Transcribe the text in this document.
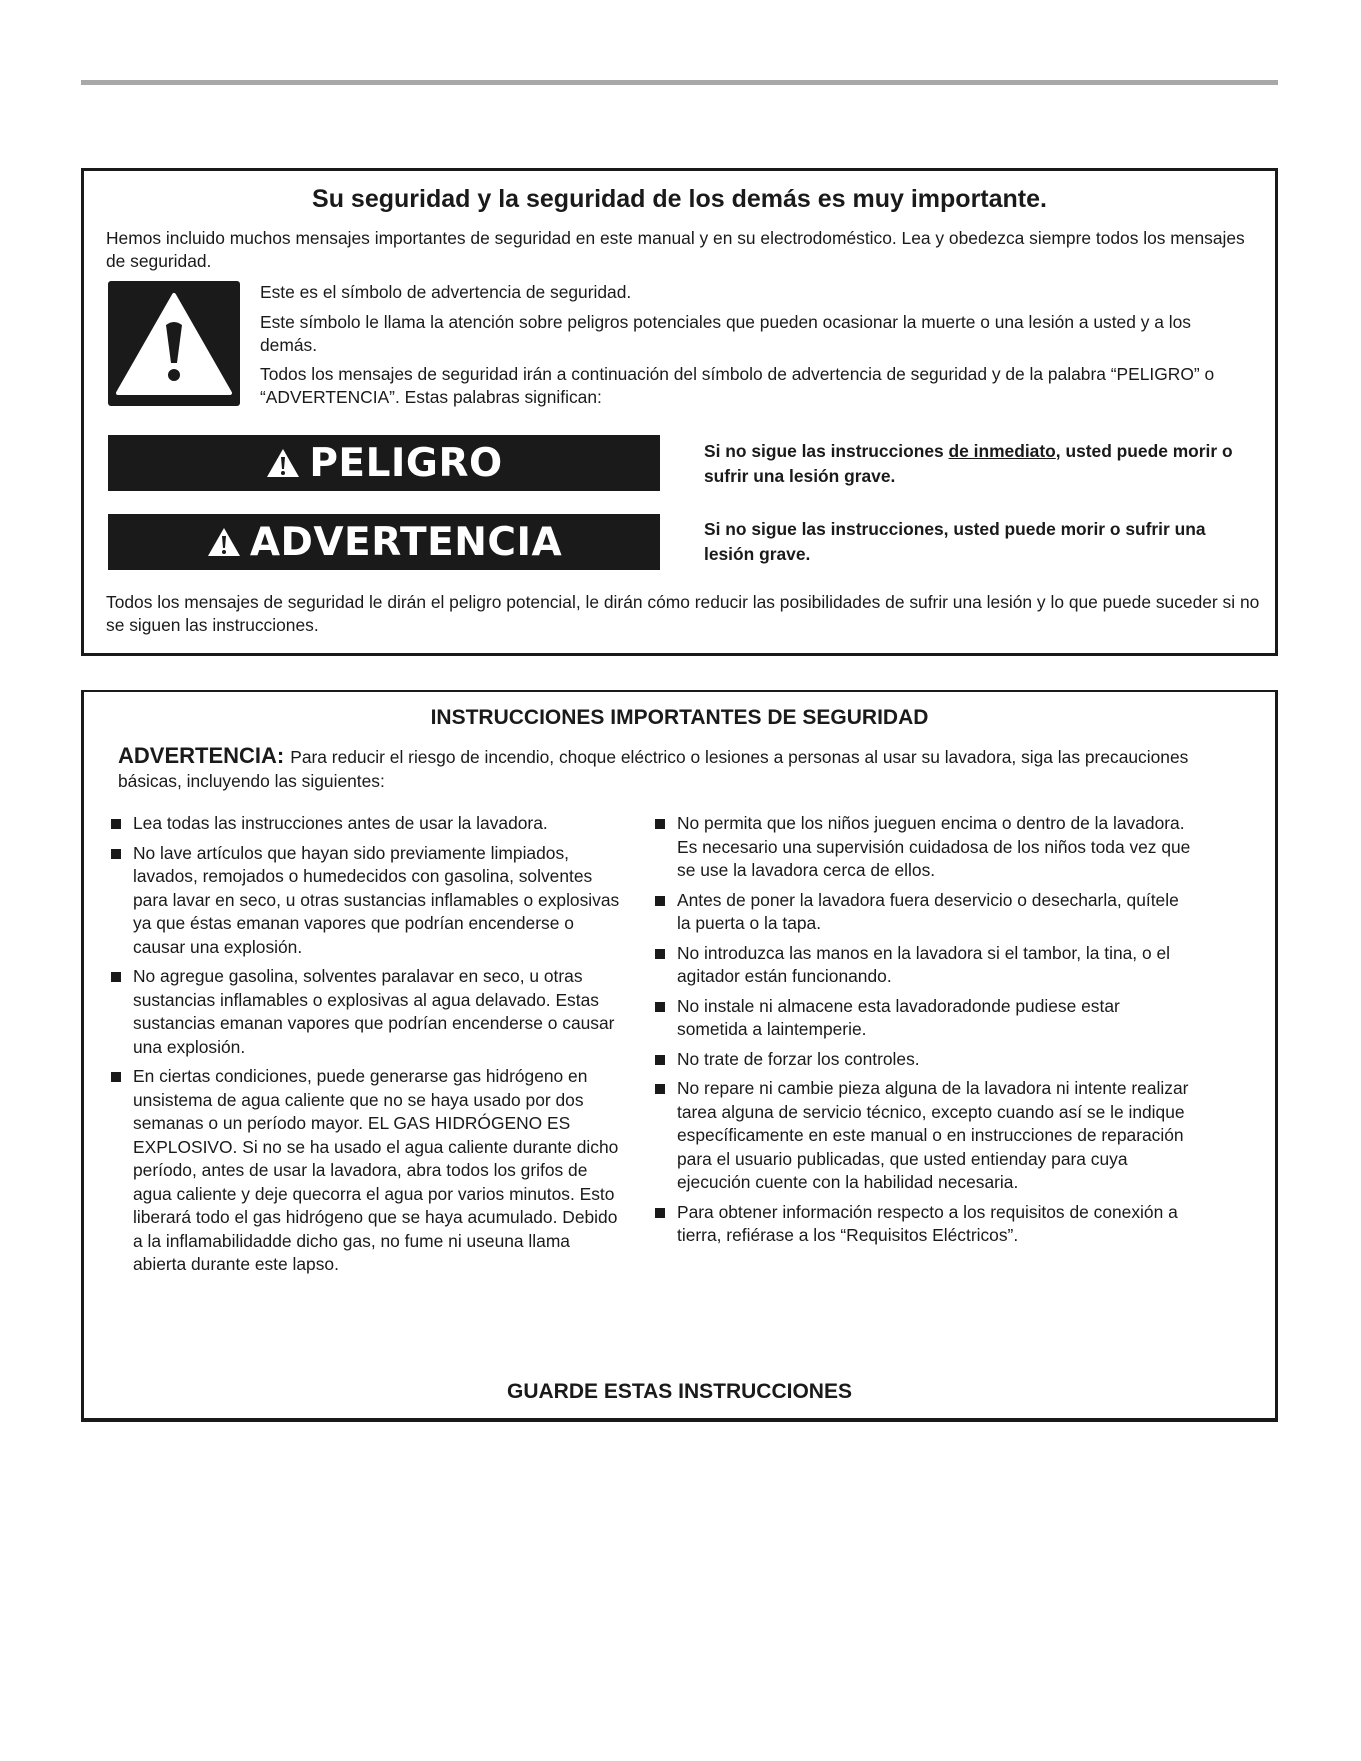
Su seguridad y la seguridad de los demás es muy importante.
Hemos incluido muchos mensajes importantes de seguridad en este manual y en su electrodoméstico. Lea y obedezca siempre todos los mensajes de seguridad.
Este es el símbolo de advertencia de seguridad.
Este símbolo le llama la atención sobre peligros potenciales que pueden ocasionar la muerte o una lesión a usted y a los demás.
Todos los mensajes de seguridad irán a continuación del símbolo de advertencia de seguridad y de la palabra “PELIGRO” o “ADVERTENCIA”. Estas palabras significan:
PELIGRO	Si no sigue las instrucciones de inmediato, usted puede morir o sufrir una lesión grave.
ADVERTENCIA	Si no sigue las instrucciones, usted puede morir o sufrir una lesión grave.
Todos los mensajes de seguridad le dirán el peligro potencial, le dirán cómo reducir las posibilidades de sufrir una lesión y lo que puede suceder si no se siguen las instrucciones.
INSTRUCCIONES IMPORTANTES DE SEGURIDAD
ADVERTENCIA: Para reducir el riesgo de incendio, choque eléctrico o lesiones a personas al usar su lavadora, siga las precauciones básicas, incluyendo las siguientes:
Lea todas las instrucciones antes de usar la lavadora.
No lave artículos que hayan sido previamente limpiados, lavados, remojados o humedecidos con gasolina, solventes para lavar en seco, u otras sustancias inflamables o explosivas ya que éstas emanan vapores que podrían encenderse o causar una explosión.
No agregue gasolina, solventes paralavar en seco, u otras sustancias inflamables o explosivas al agua delavado. Estas sustancias emanan vapores que podrían encenderse o causar una explosión.
En ciertas condiciones, puede generarse gas hidrógeno en unsistema de agua caliente que no se haya usado por dos semanas o un período mayor. EL GAS HIDRÓGENO ES EXPLOSIVO. Si no se ha usado el agua caliente durante dicho período, antes de usar la lavadora, abra todos los grifos de agua caliente y deje quecorra el agua por varios minutos. Esto liberará todo el gas hidrógeno que se haya acumulado. Debido a la inflamabilidadde dicho gas, no fume ni useuna llama abierta durante este lapso.
No permita que los niños jueguen encima o dentro de la lavadora. Es necesario una supervisión cuidadosa de los niños toda vez que se use la lavadora cerca de ellos.
Antes de poner la lavadora fuera deservicio o desecharla, quítele la puerta o la tapa.
No introduzca las manos en la lavadora si el tambor, la tina, o el agitador están funcionando.
No instale ni almacene esta lavadoradonde pudiese estar sometida a laintemperie.
No trate de forzar los controles.
No repare ni cambie pieza alguna de la lavadora ni intente realizar tarea alguna de servicio técnico, excepto cuando así se le indique específicamente en este manual o en instrucciones de reparación para el usuario publicadas, que usted entienday para cuya ejecución cuente con la habilidad necesaria.
Para obtener información respecto a los requisitos de conexión a tierra, refiérase a los “Requisitos Eléctricos”.
GUARDE ESTAS INSTRUCCIONES
